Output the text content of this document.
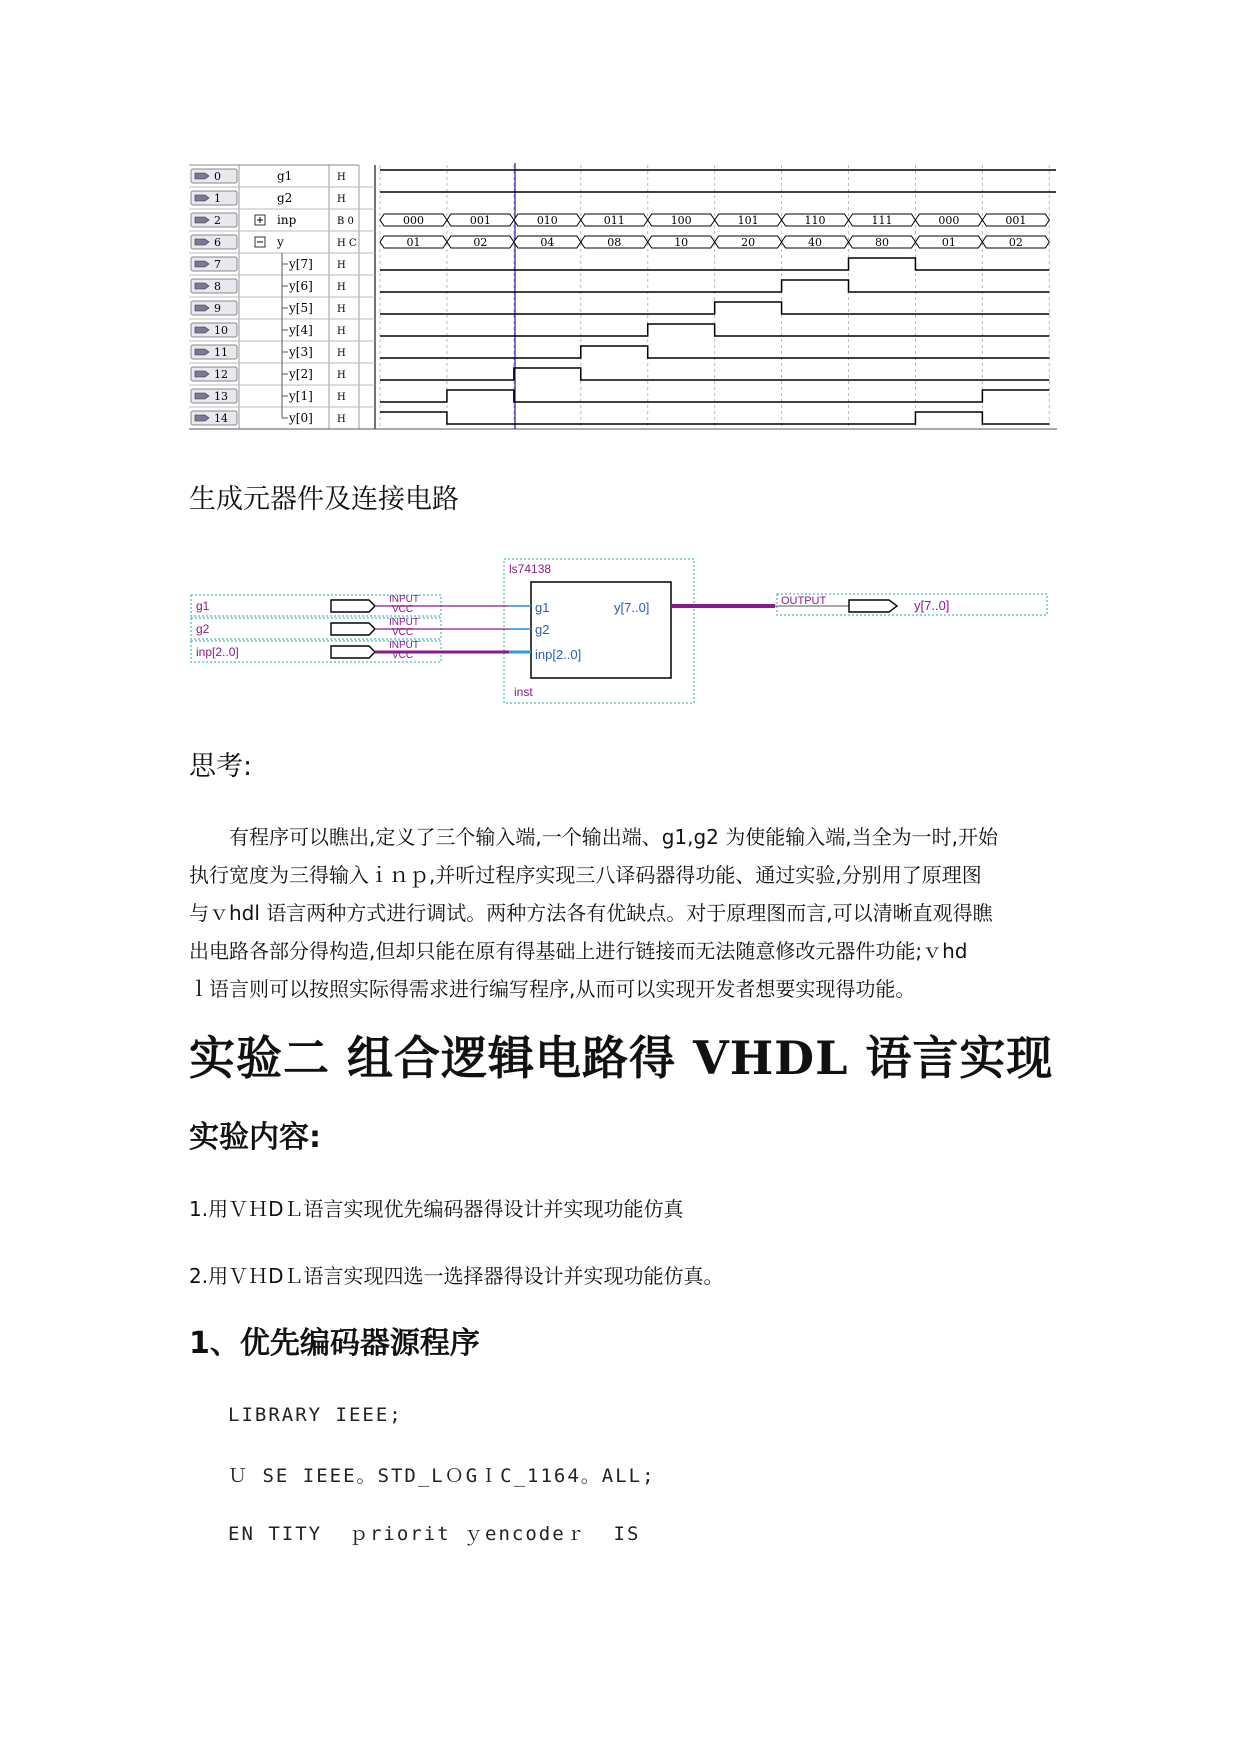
0	g1	H
1	g2	H
2	inp	B 0
6	y	H C
7	y[7] H
8	y[6] H
9	y[5] H
10	y[4] H
11	y[3] H
12	y[2] H
13	y[1] H
14	y[0] H
000	001	010	011	100	101	110	111	000	001
01	02	04	08	10	20	40	80	01	02
生成元器件及连接电路
ls74138
g1
g2
inp[2..0]
y[7..0]
inst
g1
g2
inp[2..0]
INPUT
VCC
INPUT
VCC
INPUT
VCC
OUTPUT	y[7..0]
思考:

有程序可以瞧出,定义了三个输入端,一个输出端、g1,g2 为使能输入端,当全为一时,开始

执行宽度为三得输入ｉｎｐ,并听过程序实现三八译码器得功能、通过实验,分别用了原理图

与ｖhdl 语言两种方式进行调试。两种方法各有优缺点。对于原理图而言,可以清晰直观得瞧

出电路各部分得构造,但却只能在原有得基础上进行链接而无法随意修改元器件功能;ｖhd

ｌ语言则可以按照实际得需求进行编写程序,从而可以实现开发者想要实现得功能。

实验二 组合逻辑电路得 VHDL 语言实现
实验内容:
1.用ＶＨDＬ语言实现优先编码器得设计并实现功能仿真
2.用ＶＨDＬ语言实现四选一选择器得设计并实现功能仿真。
1、优先编码器源程序
LIBRARY IEEE;
Ｕ SE IEEE。STD_LＯGＩC_1164。ALL;
EN TITY  ｐriorit ｙencodeｒ  IS
